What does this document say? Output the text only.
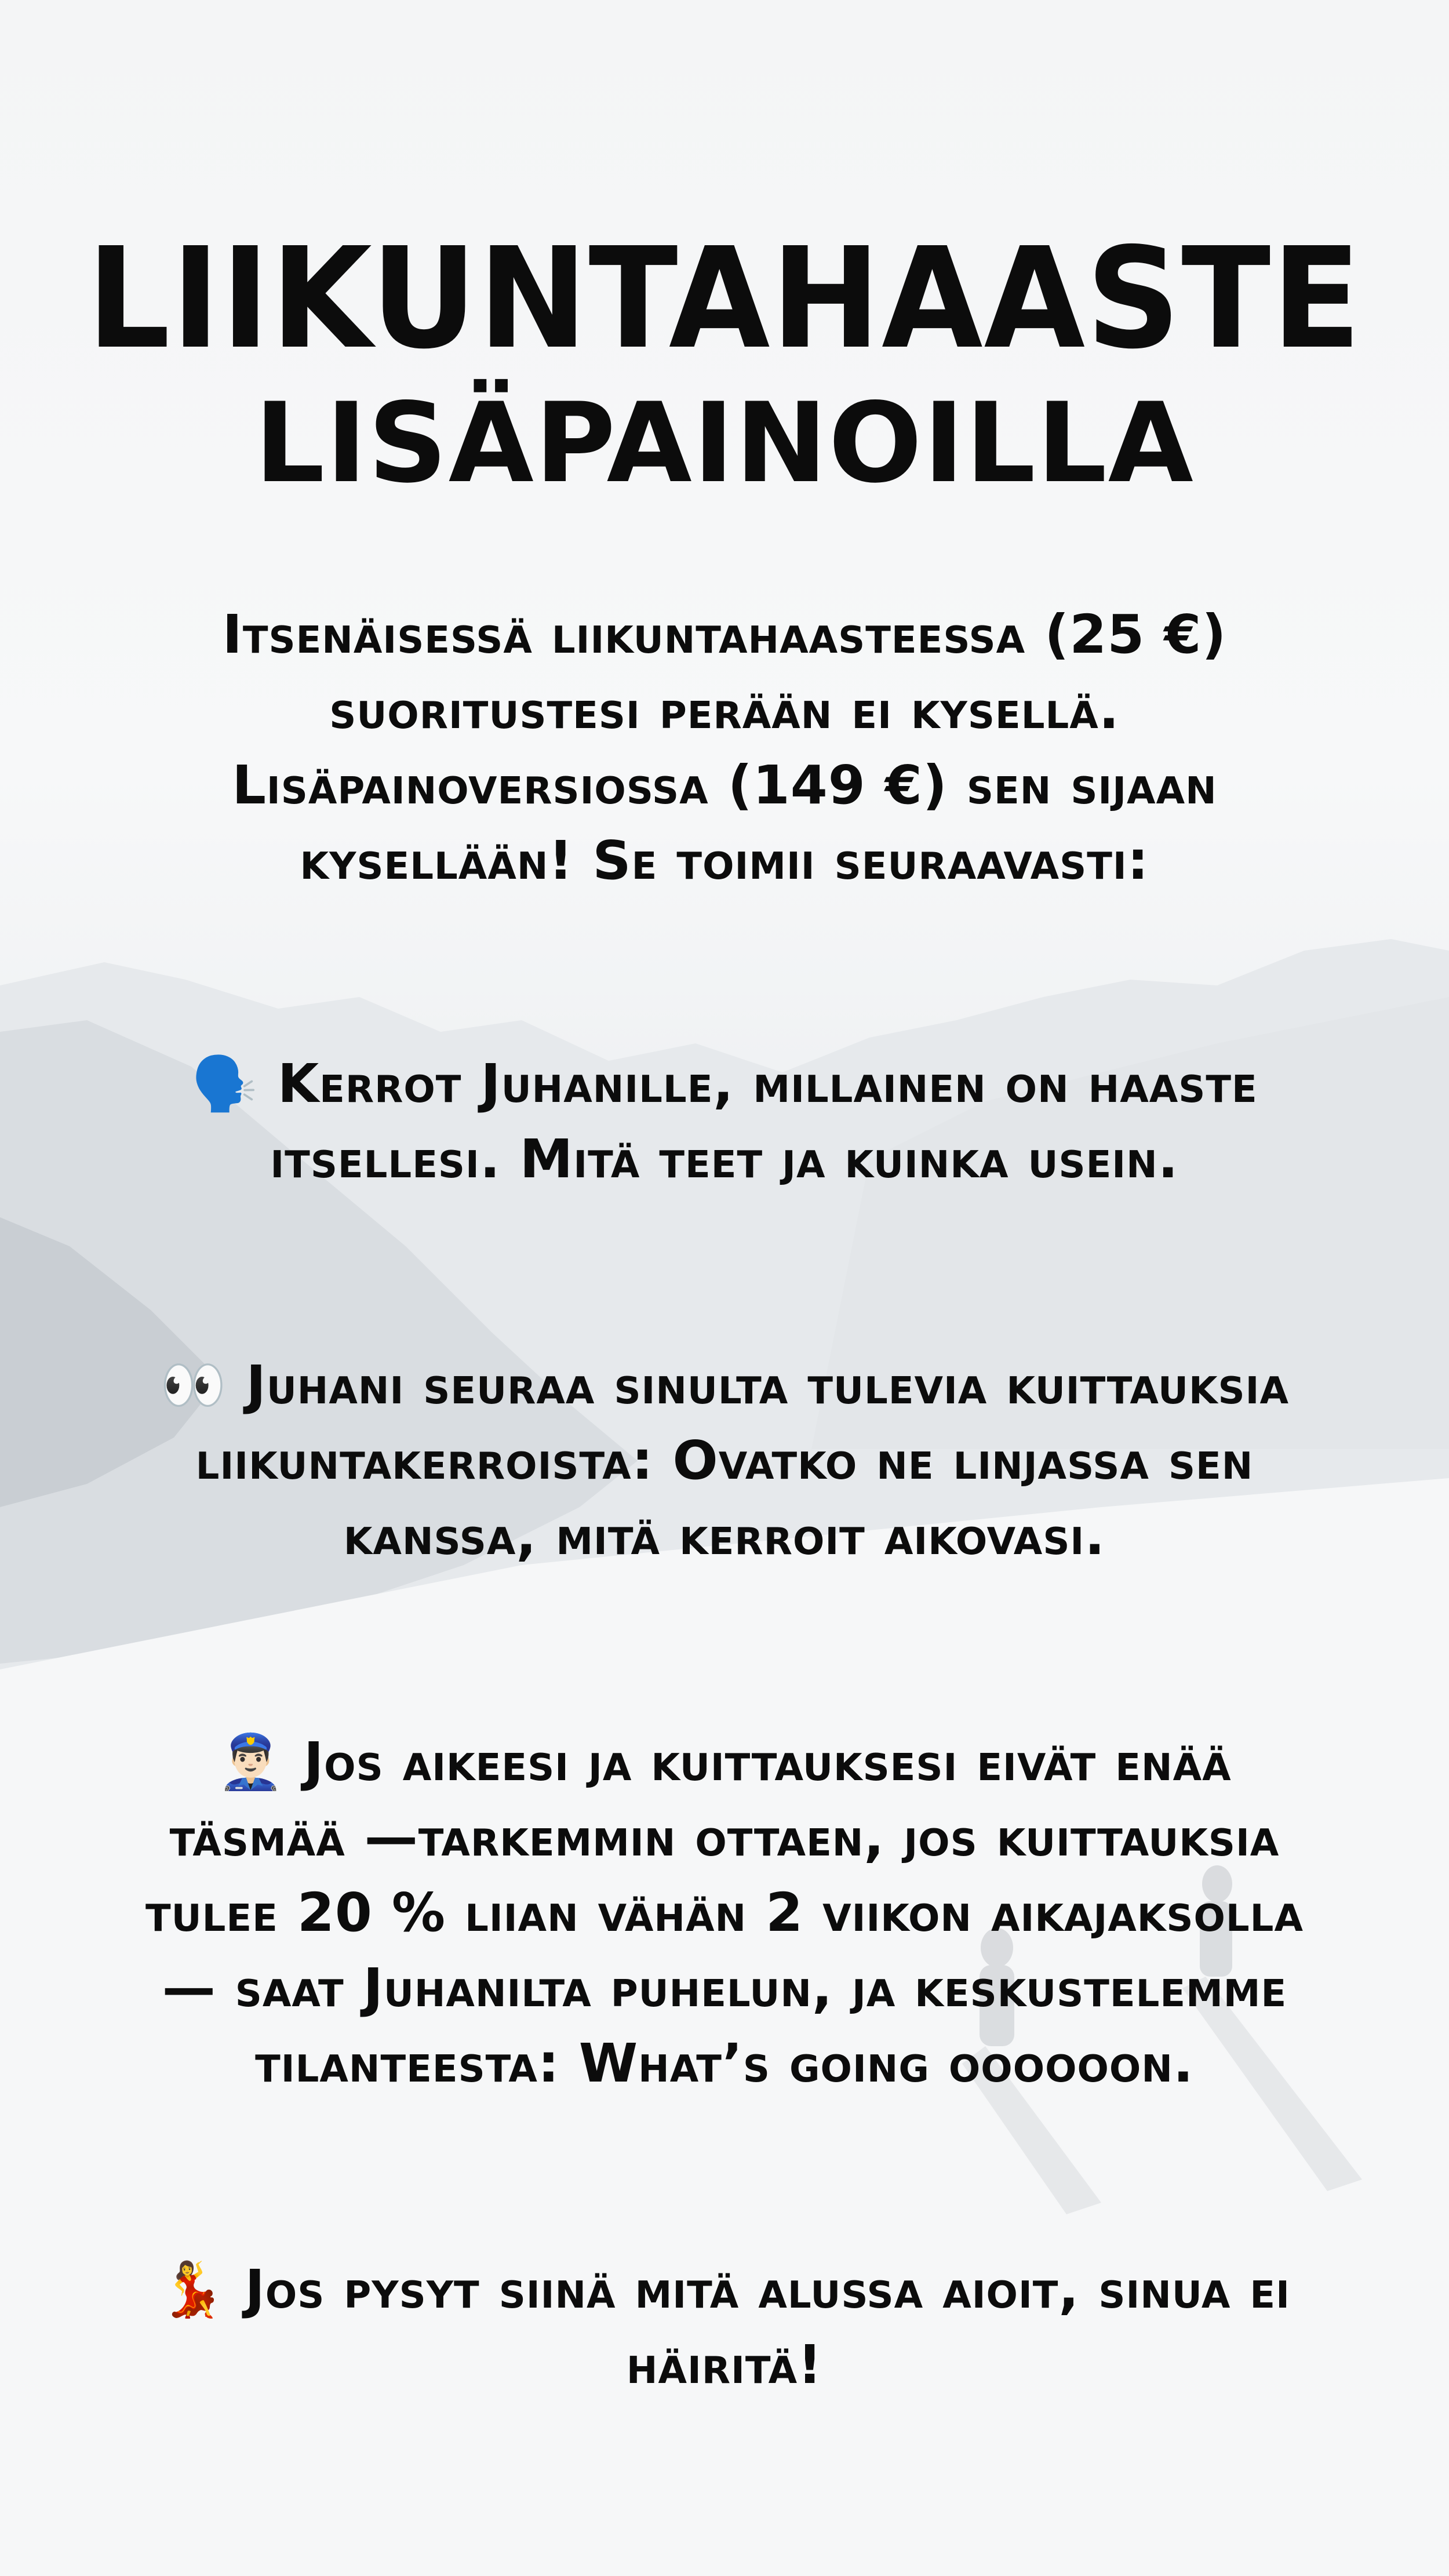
LIIKUNTAHAASTE
LISÄPAINOILLA
Itsenäisessä liikuntahaasteessa (25 €) suoritustesi perään ei kysellä. Lisäpainoversiossa (149 €) sen sijaan kysellään! Se toimii seuraavasti:
🗣️ Kerrot Juhanille, millainen on haaste itsellesi. Mitä teet ja kuinka usein.
👀 Juhani seuraa sinulta tulevia kuittauksia liikuntakerroista: Ovatko ne linjassa sen kanssa, mitä kerroit aikovasi.
👮🏻‍♂️ Jos aikeesi ja kuittauksesi eivät enää täsmää —tarkemmin ottaen, jos kuittauksia tulee 20 % liian vähän 2 viikon aikajaksolla— saat Juhanilta puhelun, ja keskustelemme tilanteesta: What’s going oooooon.
💃 Jos pysyt siinä mitä alussa aioit, sinua ei häiritä!
